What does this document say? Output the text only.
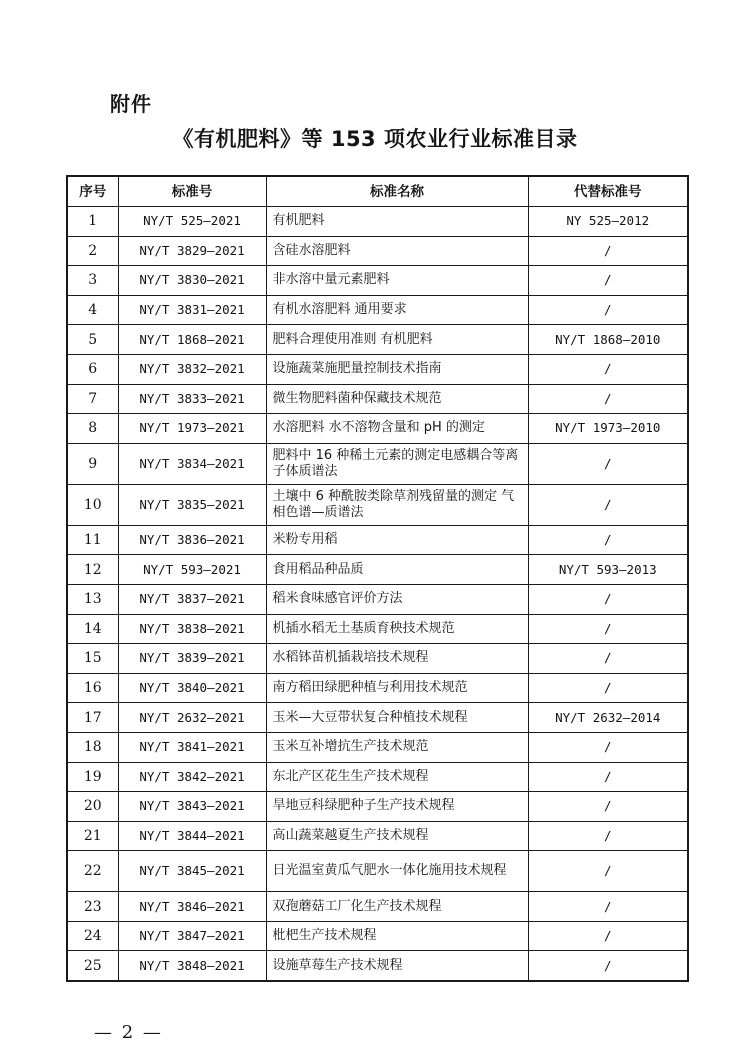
附件
《有机肥料》等 153 项农业行业标准目录
序号	标准号	标准名称	代替标准号
1	NY/T 525—2021	有机肥料	NY 525—2012
2	NY/T 3829—2021	含硅水溶肥料	/
3	NY/T 3830—2021	非水溶中量元素肥料	/
4	NY/T 3831—2021	有机水溶肥料 通用要求	/
5	NY/T 1868—2021	肥料合理使用准则 有机肥料	NY/T 1868—2010
6	NY/T 3832—2021	设施蔬菜施肥量控制技术指南	/
7	NY/T 3833—2021	微生物肥料菌种保藏技术规范	/
8	NY/T 1973—2021	水溶肥料 水不溶物含量和 pH 的测定	NY/T 1973—2010
9	NY/T 3834—2021	肥料中 16 种稀土元素的测定电感耦合等离子体质谱法	/
10	NY/T 3835—2021	土壤中 6 种酰胺类除草剂残留量的测定 气相色谱—质谱法	/
11	NY/T 3836—2021	米粉专用稻	/
12	NY/T 593—2021	食用稻品种品质	NY/T 593—2013
13	NY/T 3837—2021	稻米食味感官评价方法	/
14	NY/T 3838—2021	机插水稻无土基质育秧技术规范	/
15	NY/T 3839—2021	水稻钵苗机插栽培技术规程	/
16	NY/T 3840—2021	南方稻田绿肥种植与利用技术规范	/
17	NY/T 2632—2021	玉米—大豆带状复合种植技术规程	NY/T 2632—2014
18	NY/T 3841—2021	玉米互补增抗生产技术规范	/
19	NY/T 3842—2021	东北产区花生生产技术规程	/
20	NY/T 3843—2021	旱地豆科绿肥种子生产技术规程	/
21	NY/T 3844—2021	高山蔬菜越夏生产技术规程	/
22	NY/T 3845—2021	日光温室黄瓜气肥水一体化施用技术规程	/
23	NY/T 3846—2021	双孢蘑菇工厂化生产技术规程	/
24	NY/T 3847—2021	枇杷生产技术规程	/
25	NY/T 3848—2021	设施草莓生产技术规程	/
— 2 —
